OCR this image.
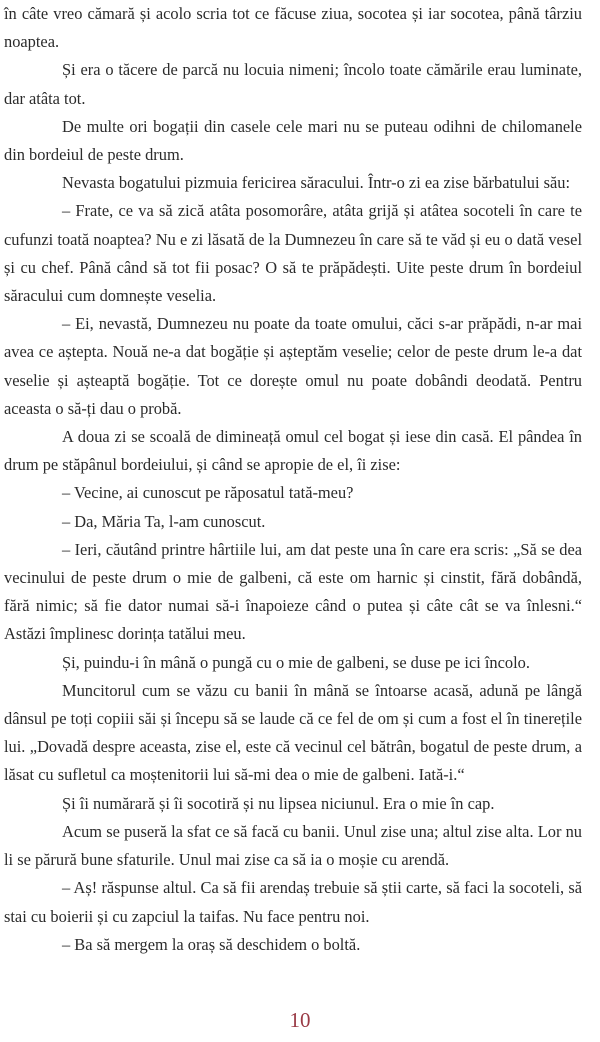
în câte vreo cămară și acolo scria tot ce făcuse ziua, socotea și iar socotea, până târziu noaptea.

Și era o tăcere de parcă nu locuia nimeni; încolo toate cămările erau luminate, dar atâta tot.

De multe ori bogații din casele cele mari nu se puteau odihni de chilomanele din bordeiul de peste drum.

Nevasta bogatului pizmuia fericirea săracului. Într-o zi ea zise bărbatului său:

– Frate, ce va să zică atâta posomorâre, atâta grijă și atâtea socoteli în care te cufunzi toată noaptea? Nu e zi lăsată de la Dumnezeu în care să te văd și eu o dată vesel și cu chef. Până când să tot fii posac? O să te prăpădești. Uite peste drum în bordeiul săracului cum domnește veselia.

– Ei, nevastă, Dumnezeu nu poate da toate omului, căci s-ar prăpădi, n-ar mai avea ce aștepta. Nouă ne-a dat bogăție și așteptăm veselie; celor de peste drum le-a dat veselie și așteaptă bogăție. Tot ce dorește omul nu poate dobândi deodată. Pentru aceasta o să-ți dau o probă.

A doua zi se scoală de dimineață omul cel bogat și iese din casă. El pândea în drum pe stăpânul bordeiului, și când se apropie de el, îi zise:

– Vecine, ai cunoscut pe răposatul tată-meu?

– Da, Măria Ta, l-am cunoscut.

– Ieri, căutând printre hârtiile lui, am dat peste una în care era scris: „Să se dea vecinului de peste drum o mie de galbeni, că este om harnic și cinstit, fără dobândă, fără nimic; să fie dator numai să-i înapoieze când o putea și câte cât se va înlesni.“ Astăzi împlinesc dorința tatălui meu.

Și, puindu-i în mână o pungă cu o mie de galbeni, se duse pe ici încolo.

Muncitorul cum se văzu cu banii în mână se întoarse acasă, adună pe lângă dânsul pe toți copiii săi și începu să se laude că ce fel de om și cum a fost el în tinerețile lui. „Dovadă despre aceasta, zise el, este că vecinul cel bătrân, bogatul de peste drum, a lăsat cu sufletul ca moștenitorii lui să-mi dea o mie de galbeni. Iată-i.“

Și îi numărară și îi socotiră și nu lipsea niciunul. Era o mie în cap.

Acum se puseră la sfat ce să facă cu banii. Unul zise una; altul zise alta. Lor nu li se părură bune sfaturile. Unul mai zise ca să ia o moșie cu arendă.

– Aș! răspunse altul. Ca să fii arendaș trebuie să știi carte, să faci la socoteli, să stai cu boierii și cu zapciul la taifas. Nu face pentru noi.

– Ba să mergem la oraș să deschidem o boltă.

10
